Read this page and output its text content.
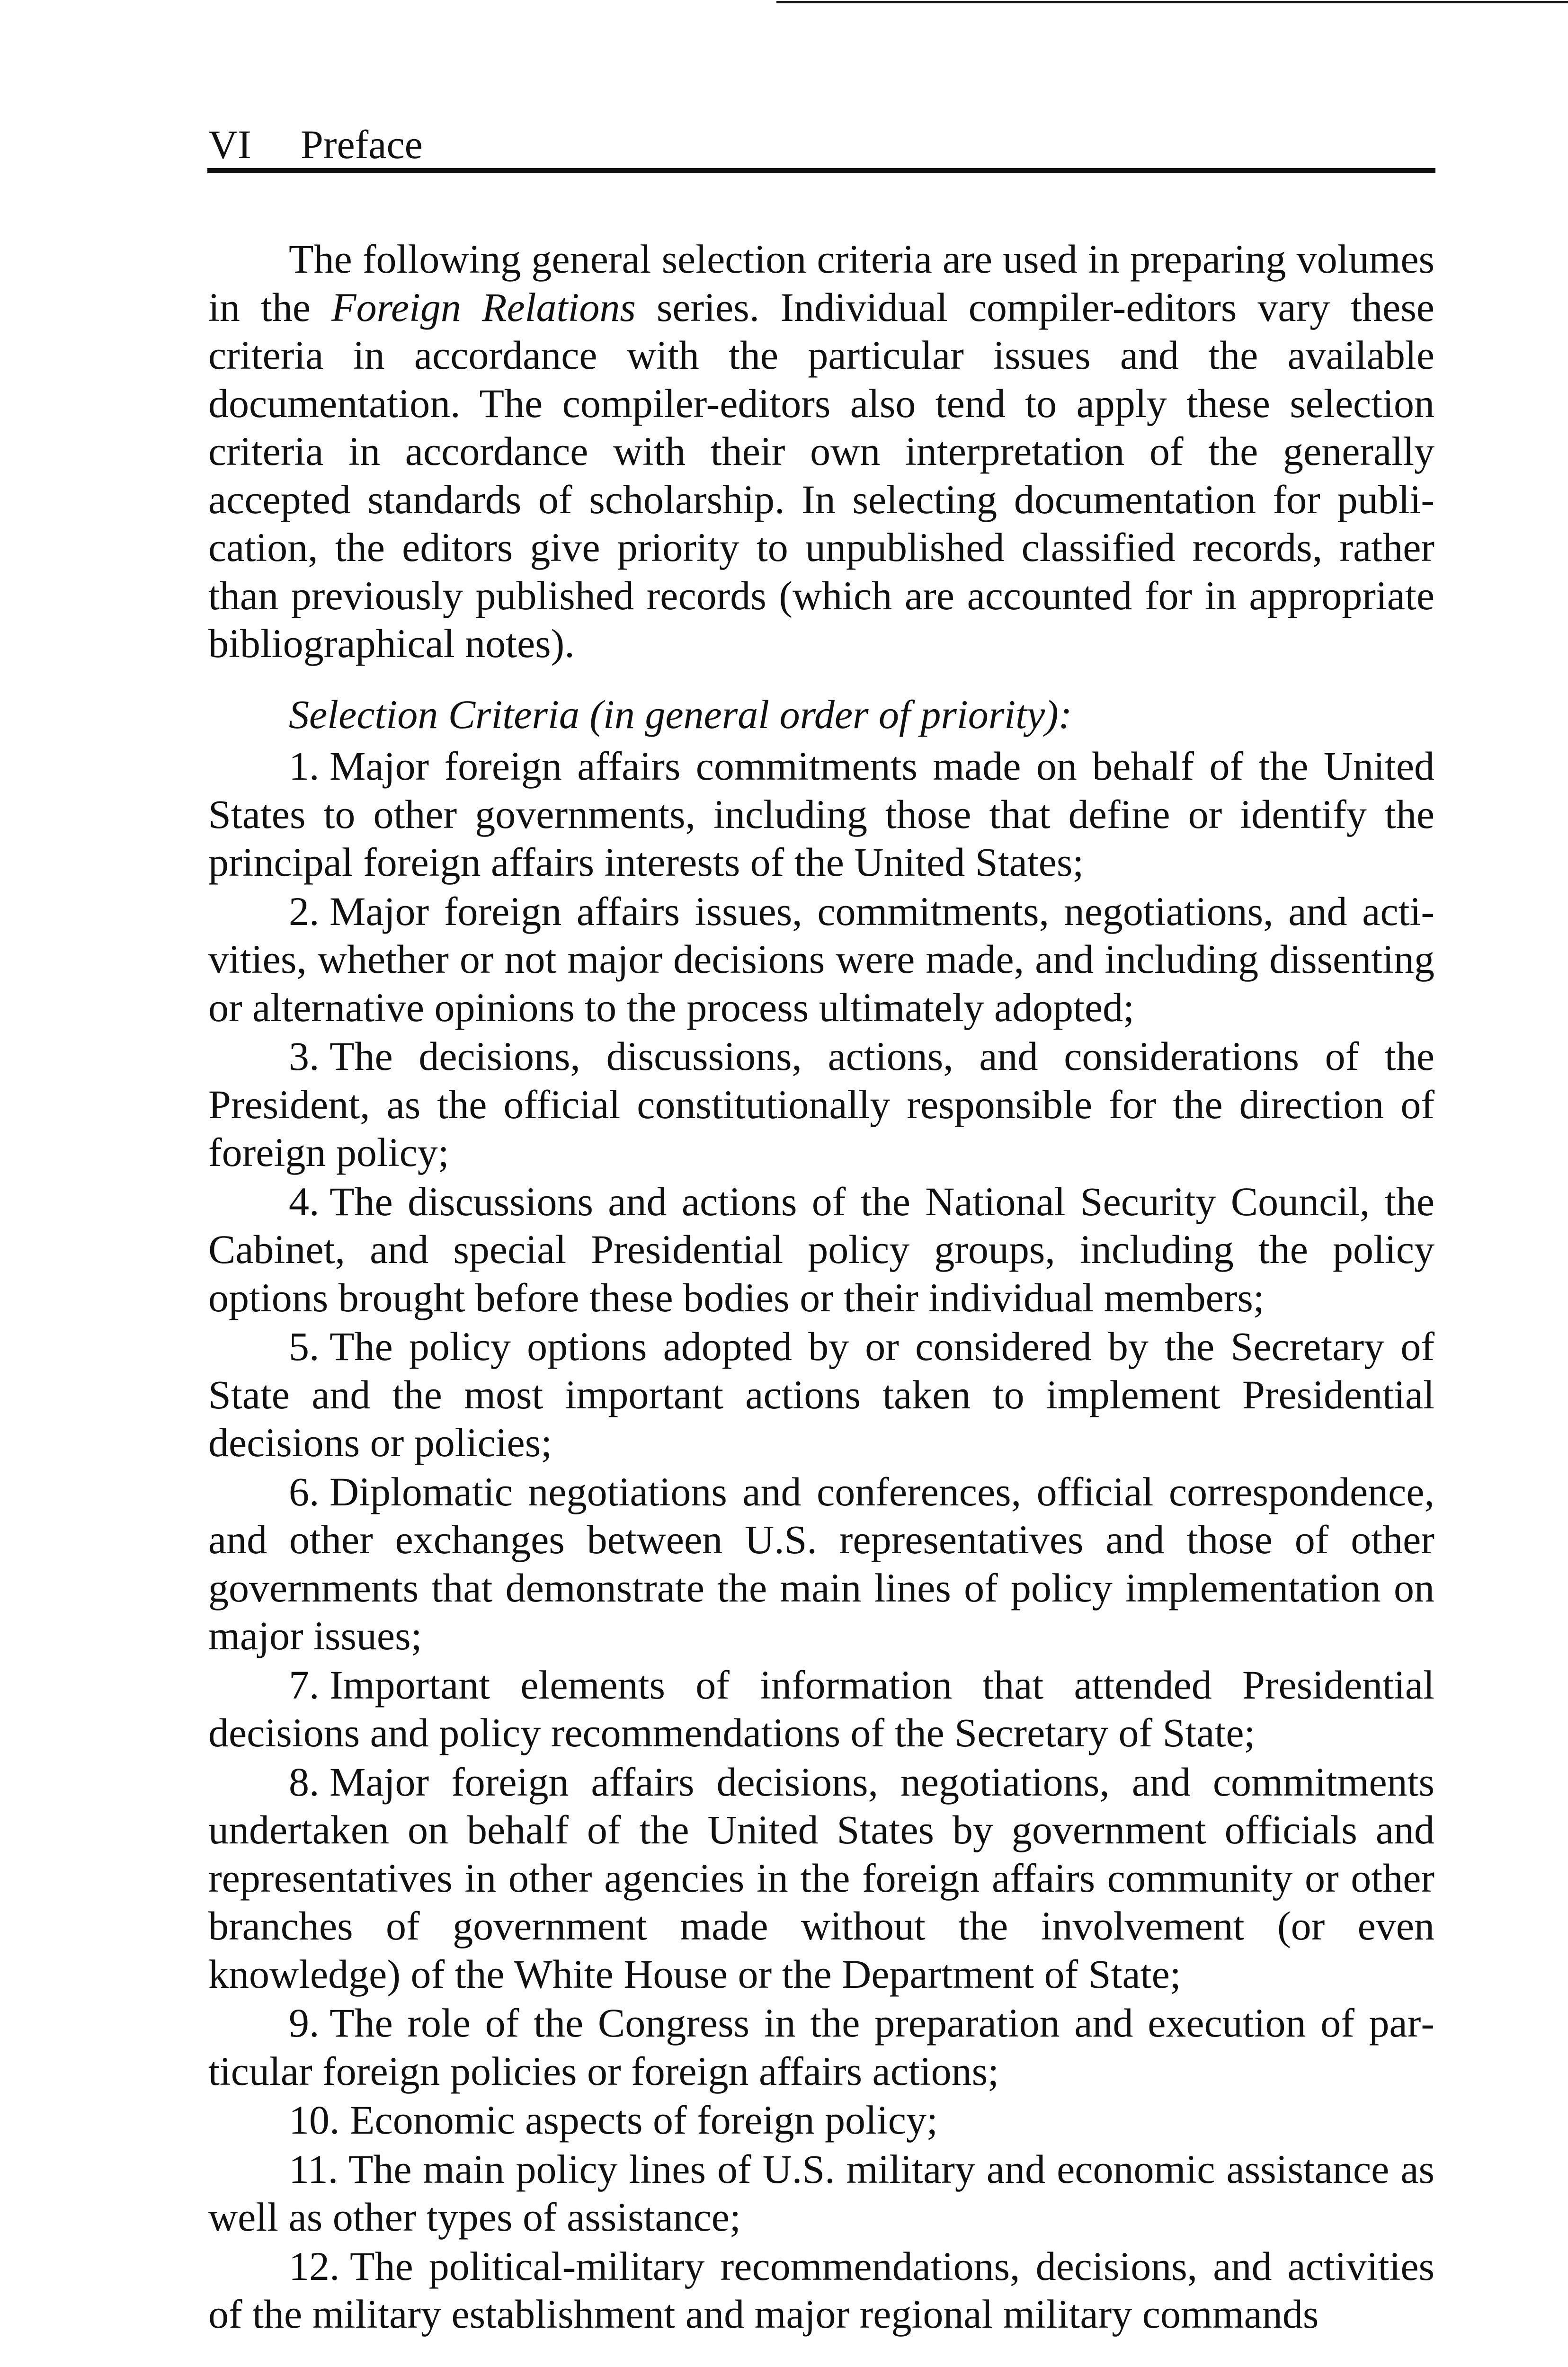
VI Preface

The following general selection criteria are used in preparing volumes in the Foreign Relations series. Individual compiler-editors vary these criteria in accordance with the particular issues and the available documentation. The compiler-editors also tend to apply these selection criteria in accordance with their own interpretation of the generally accepted standards of scholarship. In selecting documentation for publication, the editors give priority to unpublished classified records, rather than previously published records (which are accounted for in appropriate bibliographical notes).

Selection Criteria (in general order of priority):

1. Major foreign affairs commitments made on behalf of the United States to other governments, including those that define or identify the principal foreign affairs interests of the United States;

2. Major foreign affairs issues, commitments, negotiations, and activities, whether or not major decisions were made, and including dissenting or alternative opinions to the process ultimately adopted;

3. The decisions, discussions, actions, and considerations of the President, as the official constitutionally responsible for the direction of foreign policy;

4. The discussions and actions of the National Security Council, the Cabinet, and special Presidential policy groups, including the policy options brought before these bodies or their individual members;

5. The policy options adopted by or considered by the Secretary of State and the most important actions taken to implement Presidential decisions or policies;

6. Diplomatic negotiations and conferences, official correspondence, and other exchanges between U.S. representatives and those of other governments that demonstrate the main lines of policy implementation on major issues;

7. Important elements of information that attended Presidential decisions and policy recommendations of the Secretary of State;

8. Major foreign affairs decisions, negotiations, and commitments undertaken on behalf of the United States by government officials and representatives in other agencies in the foreign affairs community or other branches of government made without the involvement (or even knowledge) of the White House or the Department of State;

9. The role of the Congress in the preparation and execution of particular foreign policies or foreign affairs actions;

10. Economic aspects of foreign policy;

11. The main policy lines of U.S. military and economic assistance as well as other types of assistance;

12. The political-military recommendations, decisions, and activities of the military establishment and major regional military commands
